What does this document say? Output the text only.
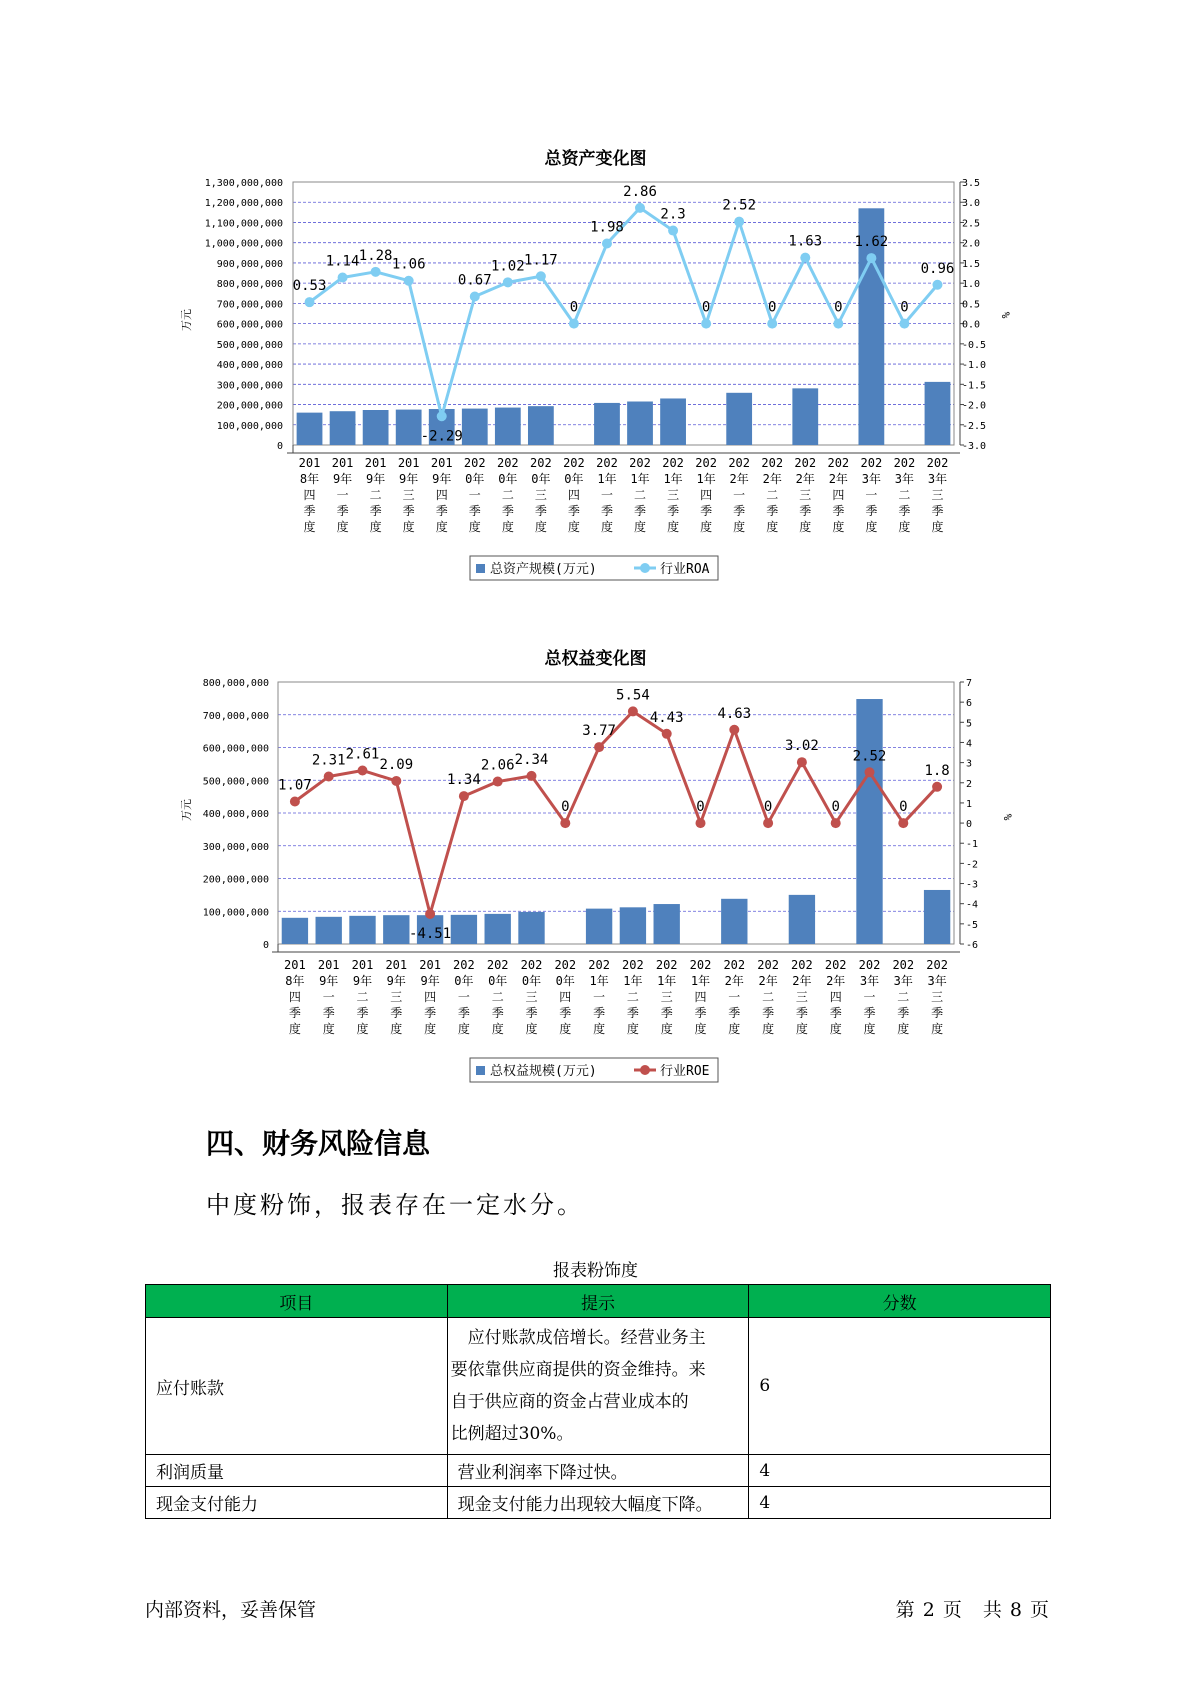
总资产变化图
0
100,000,000
200,000,000
300,000,000
400,000,000
500,000,000
600,000,000
700,000,000
800,000,000
900,000,000
1,000,000,000
1,100,000,000
1,200,000,000
1,300,000,000
-3.0
-2.5
-2.0
-1.5
-1.0
-0.5
0.0
0.5
1.0
1.5
2.0
2.5
3.0
3.5
万元	%
0.53
1.14 1.28
1.06
-2.29
0.67
1.02 1.17
0
1.98
2.86
2.3
0
2.52
0
1.63
0
1.62
0
0.96
201
8年
四
季
度
201
9年
一
季
度
201
9年
二
季
度
201
9年
三
季
度
201
9年
四
季
度
202
0年
一
季
度
202
0年
二
季
度
202
0年
三
季
度
202
0年
四
季
度
202
1年
一
季
度
202
1年
二
季
度
202
1年
三
季
度
202
1年
四
季
度
202
2年
一
季
度
202
2年
二
季
度
202
2年
三
季
度
202
2年
四
季
度
202
3年
一
季
度
202
3年
二
季
度
202
3年
三
季
度
总资产规模(万元)	行业ROA
总权益变化图
0
100,000,000
200,000,000
300,000,000
400,000,000
500,000,000
600,000,000
700,000,000
800,000,000
-6
-5
-4
-3
-2
-1
0
1
2
3
4
5
6
7
万元	%
1.07
2.31 2.61
2.09
-4.51
1.34
2.06 2.34
0
3.77
5.54
4.43
0
4.63
0
3.02
0
2.52
0
1.8
201
8年
四
季
度
201
9年
一
季
度
201
9年
二
季
度
201
9年
三
季
度
201
9年
四
季
度
202
0年
一
季
度
202
0年
二
季
度
202
0年
三
季
度
202
0年
四
季
度
202
1年
一
季
度
202
1年
二
季
度
202
1年
三
季
度
202
1年
四
季
度
202
2年
一
季
度
202
2年
二
季
度
202
2年
三
季
度
202
2年
四
季
度
202
3年
一
季
度
202
3年
二
季
度
202
3年
三
季
度
总权益规模(万元)	行业ROE
四、财务风险信息
中度粉饰，报表存在一定水分。
报表粉饰度
项目	提示	分数
应付账款	　应付账款成倍增长。经营业务主
要依靠供应商提供的资金维持。来
自于供应商的资金占营业成本的
比例超过30%。	6
利润质量	营业利润率下降过快。	4
现金支付能力	现金支付能力出现较大幅度下降。	4
内部资料，妥善保管	第 2 页　共 8 页
